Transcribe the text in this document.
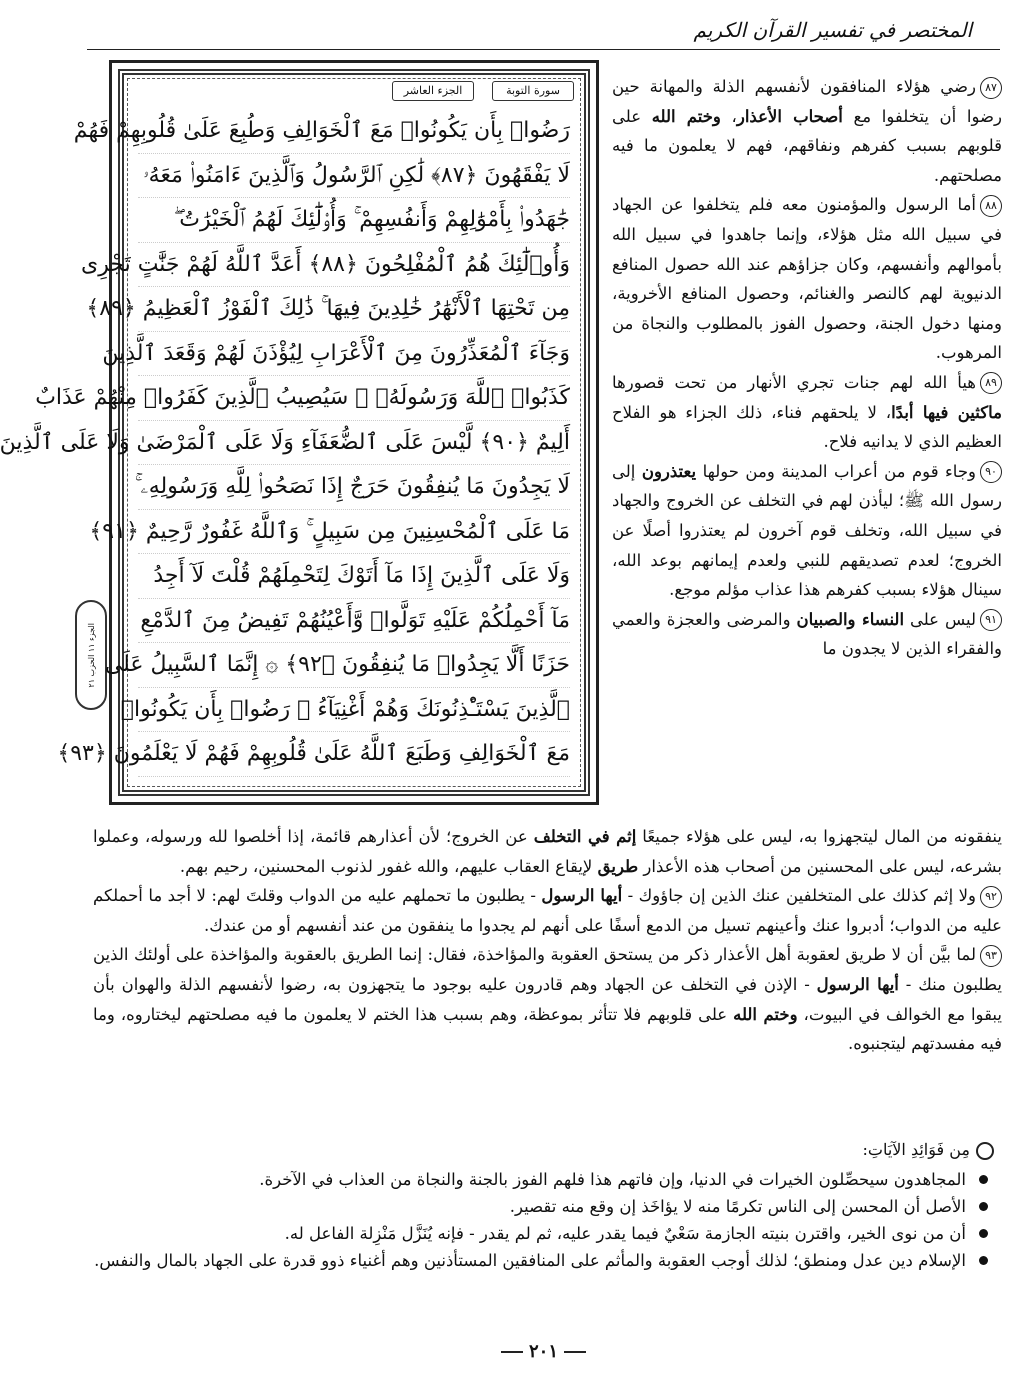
المختصر في تفسير القرآن الكريم
الجزء ١١ الحزب ٢١
سورة التوبة
الجزء العاشر
رَضُوا۟ بِأَن يَكُونُوا۟ مَعَ ٱلْخَوَالِفِ وَطُبِعَ عَلَىٰ قُلُوبِهِمْ فَهُمْ
لَا يَفْقَهُونَ ﴿٨٧﴾ لَٰكِنِ ٱلرَّسُولُ وَٱلَّذِينَ ءَامَنُوا۟ مَعَهُۥ
جَٰهَدُوا۟ بِأَمْوَٰلِهِمْ وَأَنفُسِهِمْ ۚ وَأُو۟لَٰٓئِكَ لَهُمُ ٱلْخَيْرَٰتُ ۖ
وَأُو۟لَٰٓئِكَ هُمُ ٱلْمُفْلِحُونَ ﴿٨٨﴾ أَعَدَّ ٱللَّهُ لَهُمْ جَنَّٰتٍ تَجْرِى
مِن تَحْتِهَا ٱلْأَنْهَٰرُ خَٰلِدِينَ فِيهَا ۚ ذَٰلِكَ ٱلْفَوْزُ ٱلْعَظِيمُ ﴿٨٩﴾
وَجَآءَ ٱلْمُعَذِّرُونَ مِنَ ٱلْأَعْرَابِ لِيُؤْذَنَ لَهُمْ وَقَعَدَ ٱلَّذِينَ
كَذَبُوا۟ ٱللَّهَ وَرَسُولَهُۥ ۚ سَيُصِيبُ ٱلَّذِينَ كَفَرُوا۟ مِنْهُمْ عَذَابٌ
أَلِيمٌ ﴿٩٠﴾ لَّيْسَ عَلَى ٱلضُّعَفَآءِ وَلَا عَلَى ٱلْمَرْضَىٰ وَلَا عَلَى ٱلَّذِينَ
لَا يَجِدُونَ مَا يُنفِقُونَ حَرَجٌ إِذَا نَصَحُوا۟ لِلَّهِ وَرَسُولِهِۦ ۚ
مَا عَلَى ٱلْمُحْسِنِينَ مِن سَبِيلٍ ۚ وَٱللَّهُ غَفُورٌ رَّحِيمٌ ﴿٩١﴾
وَلَا عَلَى ٱلَّذِينَ إِذَا مَآ أَتَوْكَ لِتَحْمِلَهُمْ قُلْتَ لَآ أَجِدُ
مَآ أَحْمِلُكُمْ عَلَيْهِ تَوَلَّوا۟ وَّأَعْيُنُهُمْ تَفِيضُ مِنَ ٱلدَّمْعِ
حَزَنًا أَلَّا يَجِدُوا۟ مَا يُنفِقُونَ ﴿٩٢﴾ ۞ إِنَّمَا ٱلسَّبِيلُ عَلَى
ٱلَّذِينَ يَسْتَـْٔذِنُونَكَ وَهُمْ أَغْنِيَآءُ ۚ رَضُوا۟ بِأَن يَكُونُوا۟
مَعَ ٱلْخَوَالِفِ وَطَبَعَ ٱللَّهُ عَلَىٰ قُلُوبِهِمْ فَهُمْ لَا يَعْلَمُونَ ﴿٩٣﴾

٨٧رضي هؤلاء المنافقون لأنفسهم الذلة والمهانة حين رضوا أن يتخلفوا مع أصحاب الأعذار، وختم الله على قلوبهم بسبب كفرهم ونفاقهم، فهم لا يعلمون ما فيه مصلحتهم.

٨٨أما الرسول والمؤمنون معه فلم يتخلفوا عن الجهاد في سبيل الله مثل هؤلاء، وإنما جاهدوا في سبيل الله بأموالهم وأنفسهم، وكان جزاؤهم عند الله حصول المنافع الدنيوية لهم كالنصر والغنائم، وحصول المنافع الأخروية، ومنها دخول الجنة، وحصول الفوز بالمطلوب والنجاة من المرهوب.

٨٩هيأ الله لهم جنات تجري الأنهار من تحت قصورها ماكثين فيها أبدًا، لا يلحقهم فناء، ذلك الجزاء هو الفلاح العظيم الذي لا يدانيه فلاح.

٩٠وجاء قوم من أعراب المدينة ومن حولها يعتذرون إلى رسول الله ﷺ؛ ليأذن لهم في التخلف عن الخروج والجهاد في سبيل الله، وتخلف قوم آخرون لم يعتذروا أصلًا عن الخروج؛ لعدم تصديقهم للنبي ولعدم إيمانهم بوعد الله، سينال هؤلاء بسبب كفرهم هذا عذاب مؤلم موجع.

٩١ليس على النساء والصبيان والمرضى والعجزة والعمي والفقراء الذين لا يجدون ما

ينفقونه من المال ليتجهزوا به، ليس على هؤلاء جميعًا إثم في التخلف عن الخروج؛ لأن أعذارهم قائمة، إذا أخلصوا لله ورسوله، وعملوا بشرعه، ليس على المحسنين من أصحاب هذه الأعذار طريق لإيقاع العقاب عليهم، والله غفور لذنوب المحسنين، رحيم بهم.

٩٢ولا إثم كذلك على المتخلفين عنك الذين إن جاؤوك - أيها الرسول - يطلبون ما تحملهم عليه من الدواب وقلتَ لهم: لا أجد ما أحملكم عليه من الدواب؛ أدبروا عنك وأعينهم تسيل من الدمع أسفًا على أنهم لم يجدوا ما ينفقون من عند أنفسهم أو من عندك.

٩٣لما بيَّن أن لا طريق لعقوبة أهل الأعذار ذكر من يستحق العقوبة والمؤاخذة، فقال: إنما الطريق بالعقوبة والمؤاخذة على أولئك الذين يطلبون منك - أيها الرسول - الإذن في التخلف عن الجهاد وهم قادرون عليه بوجود ما يتجهزون به، رضوا لأنفسهم الذلة والهوان بأن يبقوا مع الخوالف في البيوت، وختم الله على قلوبهم فلا تتأثر بموعظة، وهم بسبب هذا الختم لا يعلمون ما فيه مصلحتهم ليختاروه، وما فيه مفسدتهم ليتجنبوه.

مِن فَوَائِدِ الآيَاتِ:

المجاهدون سيحصِّلون الخيرات في الدنيا، وإن فاتهم هذا فلهم الفوز بالجنة والنجاة من العذاب في الآخرة.

الأصل أن المحسن إلى الناس تكرمًا منه لا يؤاخَذ إن وقع منه تقصير.

أن من نوى الخير، واقترن بنيته الجازمة سَعْيٌ فيما يقدر عليه، ثم لم يقدر - فإنه يُنَزَّل مَنْزِلة الفاعل له.

الإسلام دين عدل ومنطق؛ لذلك أوجب العقوبة والمأثم على المنافقين المستأذنين وهم أغنياء ذوو قدرة على الجهاد بالمال والنفس.

٢٠١
